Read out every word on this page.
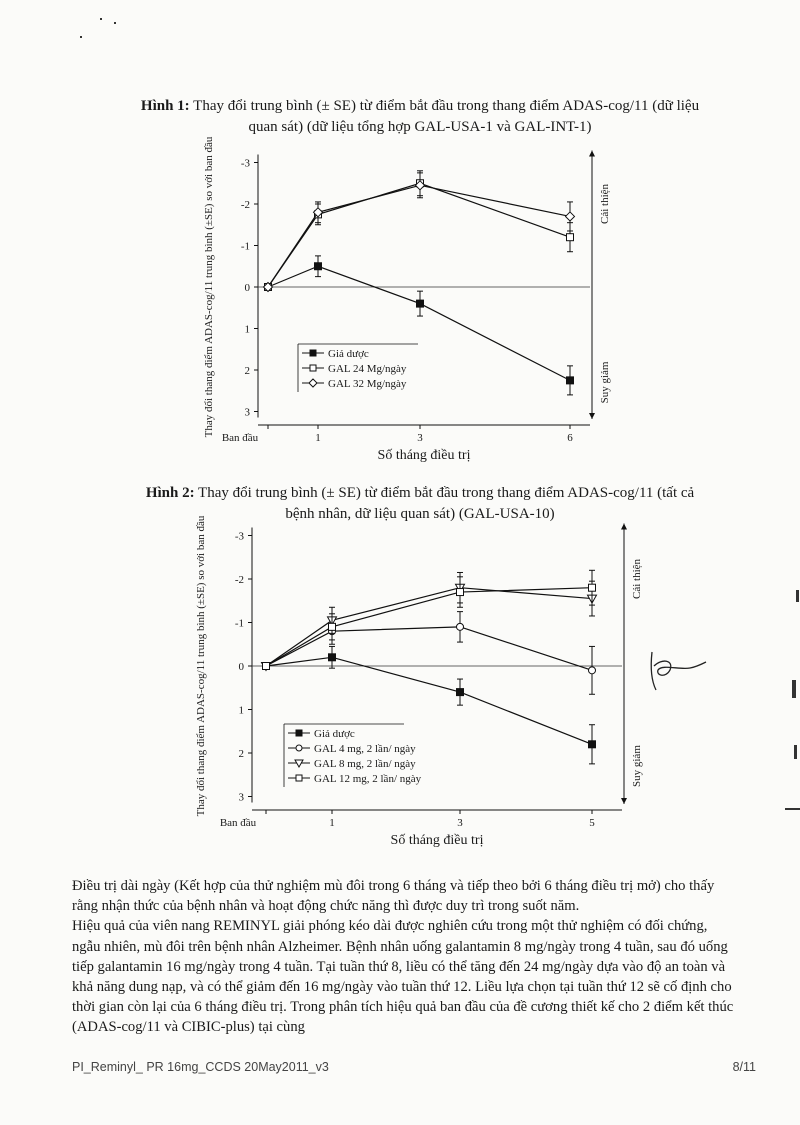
Hình 1: Thay đổi trung bình (± SE) từ điểm bắt đầu trong thang điểm ADAS-cog/11 (dữ liệu
quan sát) (dữ liệu tổng hợp GAL-USA-1 và GAL-INT-1)
-3
-2
-1
0
1
2
3
Ban đầu	1	3	6
Số tháng điều trị
Thay đổi thang điểm ADAS-cog/11 trung bình (±SE) so với ban đầu	Cải thiện
Suy giảm
Giả dược
GAL 24 Mg/ngày
GAL 32 Mg/ngày
Hình 2: Thay đổi trung bình (± SE) từ điểm bắt đầu trong thang điểm ADAS-cog/11 (tất cả
bệnh nhân, dữ liệu quan sát) (GAL-USA-10)
-3
-2
-1
0
1
2
3
Ban đầu	1	3	5
Số tháng điều trị
Thay đổi thang điểm ADAS-cog/11 trung bình (±SE) so với ban đầu	Cải thiện
Suy giảm
Giả dược
GAL 4 mg, 2 lần/ ngày
GAL 8 mg, 2 lần/ ngày
GAL 12 mg, 2 lần/ ngày

Điều trị dài ngày (Kết hợp của thử nghiệm mù đôi trong 6 tháng và tiếp theo bởi 6 tháng điều trị mở) cho thấy rằng nhận thức của bệnh nhân và hoạt động chức năng thì được duy trì trong suốt năm.

Hiệu quả của viên nang REMINYL giải phóng kéo dài được nghiên cứu trong một thử nghiệm có đối chứng, ngẫu nhiên, mù đôi trên bệnh nhân Alzheimer. Bệnh nhân uống galantamin 8 mg/ngày trong 4 tuần, sau đó uống tiếp galantamin 16 mg/ngày trong 4 tuần. Tại tuần thứ 8, liều có thể tăng đến 24 mg/ngày dựa vào độ an toàn và khả năng dung nạp, và có thể giảm đến 16 mg/ngày vào tuần thứ 12. Liều lựa chọn tại tuần thứ 12 sẽ cố định cho thời gian còn lại của 6 tháng điều trị. Trong phân tích hiệu quả ban đầu của đề cương thiết kế cho 2 điểm kết thúc (ADAS-cog/11 và CIBIC-plus) tại cùng

PI_Reminyl_ PR 16mg_CCDS 20May2011_v3	8/11
